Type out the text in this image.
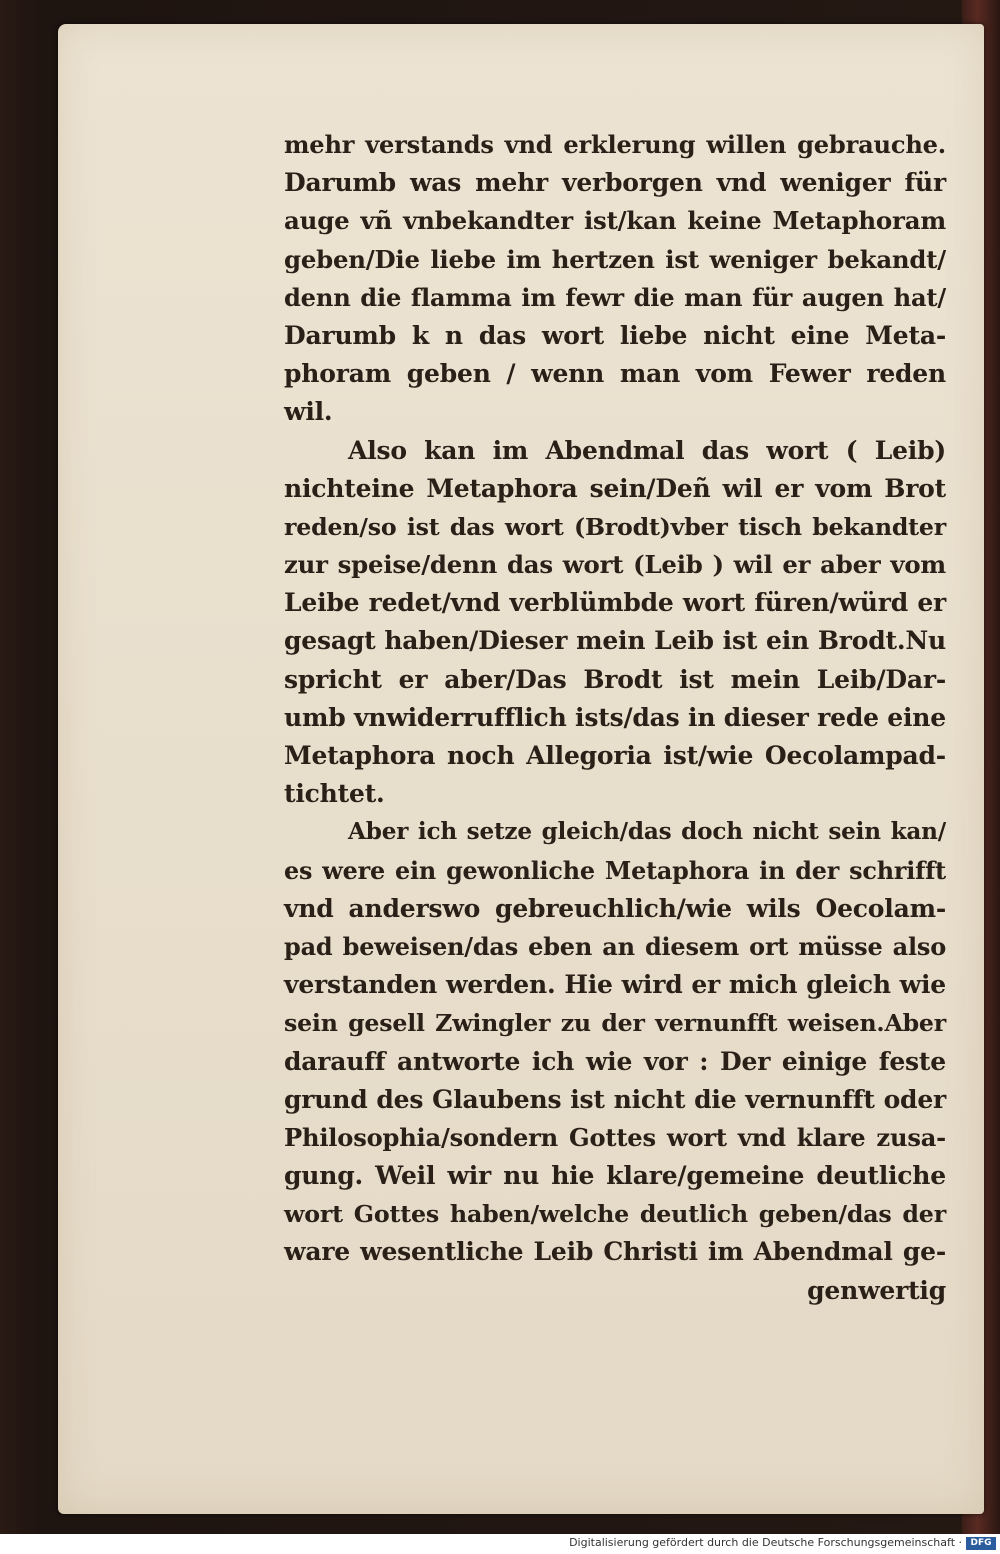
mehr verstands vnd erklerung willen gebrauche.
Darumb was mehr verborgen vnd weniger für
auge vñ vnbekandter ist/kan keine Metaphoram
geben/Die liebe im hertzen ist weniger bekandt/
denn die flamma im fewr die man für augen hat/
Darumb k n das wort liebe nicht eine Meta-
phoram geben / wenn man vom Fewer reden
wil.
Also kan im Abendmal das wort ( Leib)
nichteine Metaphora sein/Deñ wil er vom Brot
reden/so ist das wort (Brodt)vber tisch bekandter
zur speise/denn das wort (Leib ) wil er aber vom
Leibe redet/vnd verblümbde wort füren/würd er
gesagt haben/Dieser mein Leib ist ein Brodt.Nu
spricht er aber/Das Brodt ist mein Leib/Dar-
umb vnwiderrufflich ists/das in dieser rede eine
Metaphora noch Allegoria ist/wie Oecolampad-
tichtet.
Aber ich setze gleich/das doch nicht sein kan/
es were ein gewonliche Metaphora in der schrifft
vnd anderswo gebreuchlich/wie wils Oecolam-
pad beweisen/das eben an diesem ort müsse also
verstanden werden. Hie wird er mich gleich wie
sein gesell Zwingler zu der vernunfft weisen.Aber
darauff antworte ich wie vor : Der einige feste
grund des Glaubens ist nicht die vernunfft oder
Philosophia/sondern Gottes wort vnd klare zusa-
gung. Weil wir nu hie klare/gemeine deutliche
wort Gottes haben/welche deutlich geben/das der
ware wesentliche Leib Christi im Abendmal ge-
genwertig
Digitalisierung gefördert durch die Deutsche Forschungsgemeinschaft · DFG
